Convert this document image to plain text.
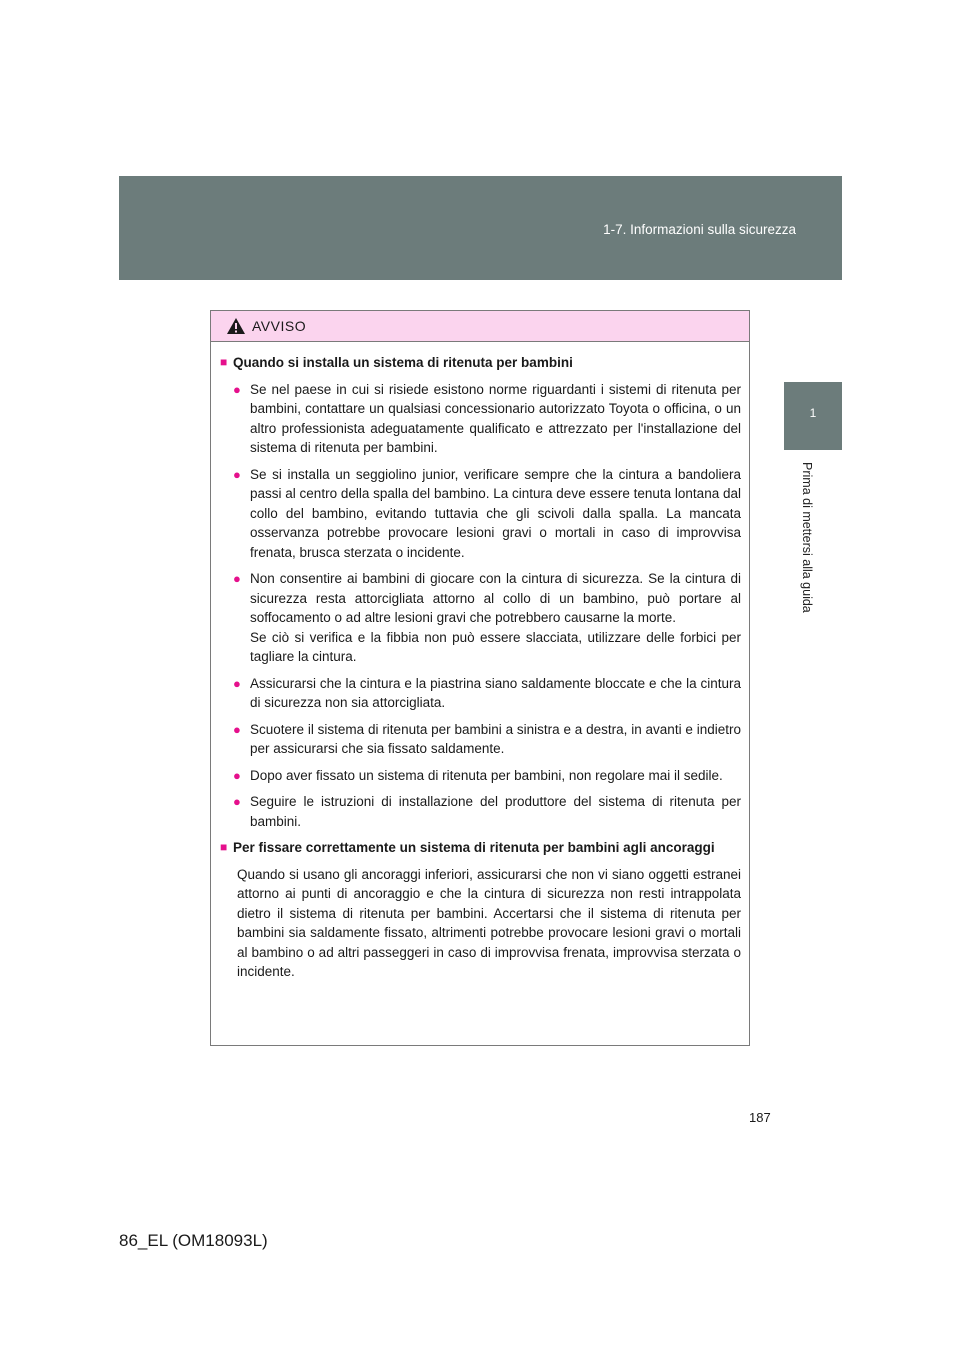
1-7. Informazioni sulla sicurezza
1
Prima di mettersi alla guida
AVVISO
■ Quando si installa un sistema di ritenuta per bambini
● Se nel paese in cui si risiede esistono norme riguardanti i sistemi di ritenuta per bambini, contattare un qualsiasi concessionario autorizzato Toyota o officina, o un altro professionista adeguatamente qualificato e attrezzato per l'installazione del sistema di ritenuta per bambini.
● Se si installa un seggiolino junior, verificare sempre che la cintura a bandoliera passi al centro della spalla del bambino. La cintura deve essere tenuta lontana dal collo del bambino, evitando tuttavia che gli scivoli dalla spalla. La mancata osservanza potrebbe provocare lesioni gravi o mortali in caso di improvvisa frenata, brusca sterzata o incidente.
● Non consentire ai bambini di giocare con la cintura di sicurezza. Se la cintura di sicurezza resta attorcigliata attorno al collo di un bambino, può portare al soffocamento o ad altre lesioni gravi che potrebbero causarne la morte.
Se ciò si verifica e la fibbia non può essere slacciata, utilizzare delle forbici per tagliare la cintura.
● Assicurarsi che la cintura e la piastrina siano saldamente bloccate e che la cintura di sicurezza non sia attorcigliata.
● Scuotere il sistema di ritenuta per bambini a sinistra e a destra, in avanti e indietro per assicurarsi che sia fissato saldamente.
● Dopo aver fissato un sistema di ritenuta per bambini, non regolare mai il sedile.
● Seguire le istruzioni di installazione del produttore del sistema di ritenuta per bambini.
■ Per fissare correttamente un sistema di ritenuta per bambini agli ancoraggi
Quando si usano gli ancoraggi inferiori, assicurarsi che non vi siano oggetti estranei attorno ai punti di ancoraggio e che la cintura di sicurezza non resti intrappolata dietro il sistema di ritenuta per bambini. Accertarsi che il sistema di ritenuta per bambini sia saldamente fissato, altrimenti potrebbe provocare lesioni gravi o mortali al bambino o ad altri passeggeri in caso di improvvisa frenata, improvvisa sterzata o incidente.
187
86_EL (OM18093L)
